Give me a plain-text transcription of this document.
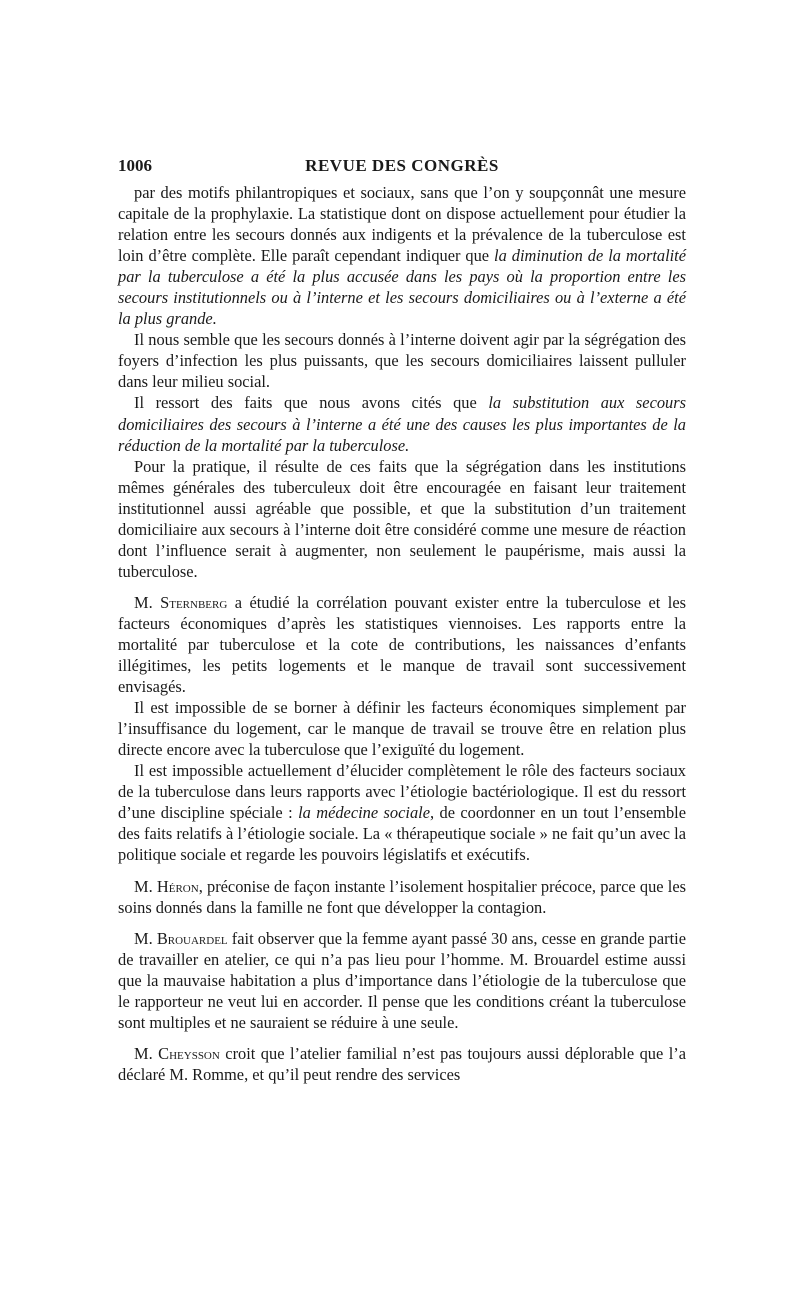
1006	REVUE DES CONGRÈS

par des motifs philantropiques et sociaux, sans que l’on y soupçonnât une mesure capitale de la prophylaxie. La statistique dont on dispose actuellement pour étudier la relation entre les secours donnés aux indigents et la prévalence de la tuberculose est loin d’être complète. Elle paraît cependant indiquer que la diminution de la mortalité par la tuberculose a été la plus accusée dans les pays où la proportion entre les secours institutionnels ou à l’interne et les secours domiciliaires ou à l’externe a été la plus grande.

Il nous semble que les secours donnés à l’interne doivent agir par la ségrégation des foyers d’infection les plus puissants, que les secours domiciliaires laissent pulluler dans leur milieu social.

Il ressort des faits que nous avons cités que la substitution aux secours domiciliaires des secours à l’interne a été une des causes les plus importantes de la réduction de la mortalité par la tuberculose.

Pour la pratique, il résulte de ces faits que la ségrégation dans les institutions mêmes générales des tuberculeux doit être encouragée en faisant leur traitement institutionnel aussi agréable que possible, et que la substitution d’un traitement domiciliaire aux secours à l’interne doit être considéré comme une mesure de réaction dont l’influence serait à augmenter, non seulement le paupérisme, mais aussi la tuberculose.

M. Sternberg a étudié la corrélation pouvant exister entre la tuberculose et les facteurs économiques d’après les statistiques viennoises. Les rapports entre la mortalité par tuberculose et la cote de contributions, les naissances d’enfants illégitimes, les petits logements et le manque de travail sont successivement envisagés.

Il est impossible de se borner à définir les facteurs économiques simplement par l’insuffisance du logement, car le manque de travail se trouve être en relation plus directe encore avec la tuberculose que l’exiguïté du logement.

Il est impossible actuellement d’élucider complètement le rôle des facteurs sociaux de la tuberculose dans leurs rapports avec l’étiologie bactériologique. Il est du ressort d’une discipline spéciale : la médecine sociale, de coordonner en un tout l’ensemble des faits relatifs à l’étiologie sociale. La « thérapeutique sociale » ne fait qu’un avec la politique sociale et regarde les pouvoirs législatifs et exécutifs.

M. Héron, préconise de façon instante l’isolement hospitalier précoce, parce que les soins donnés dans la famille ne font que développer la contagion.

M. Brouardel fait observer que la femme ayant passé 30 ans, cesse en grande partie de travailler en atelier, ce qui n’a pas lieu pour l’homme. M. Brouardel estime aussi que la mauvaise habitation a plus d’importance dans l’étiologie de la tuberculose que le rapporteur ne veut lui en accorder. Il pense que les conditions créant la tuberculose sont multiples et ne sauraient se réduire à une seule.

M. Cheysson croit que l’atelier familial n’est pas toujours aussi déplorable que l’a déclaré M. Romme, et qu’il peut rendre des services
